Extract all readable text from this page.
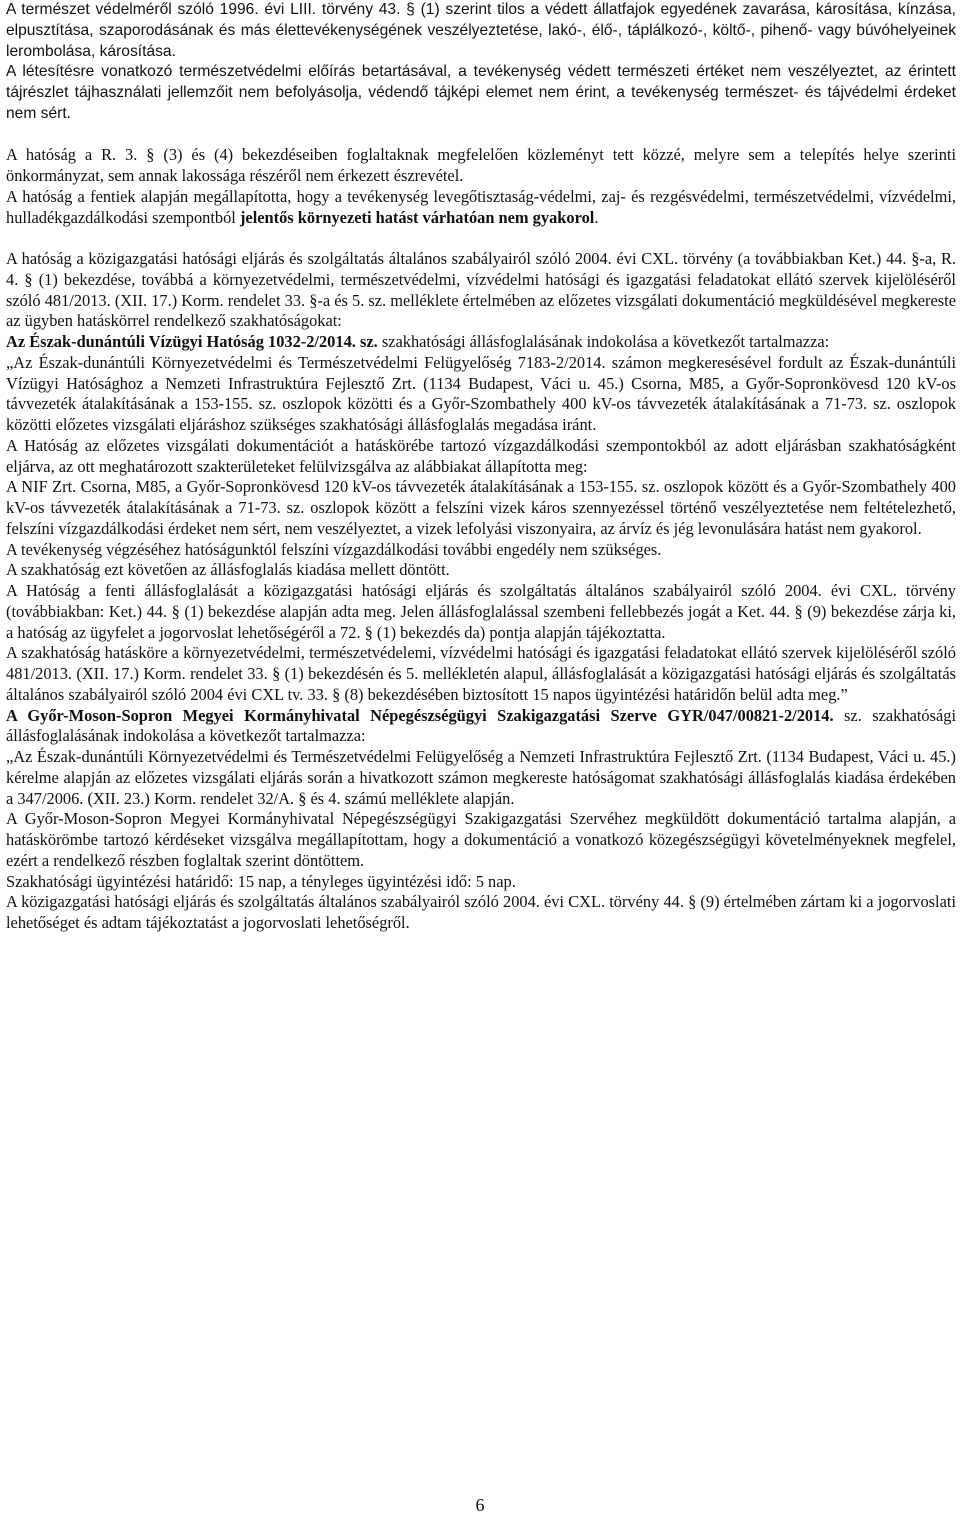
A természet védelméről szóló 1996. évi LIII. törvény 43. § (1) szerint tilos a védett állatfajok egyedének zavarása, károsítása, kínzása, elpusztítása, szaporodásának és más élettevékenységének veszélyeztetése, lakó-, élő-, táplálkozó-, költő-, pihenő- vagy búvóhelyeinek lerombolása, károsítása.

A létesítésre vonatkozó természetvédelmi előírás betartásával, a tevékenység védett természeti értéket nem veszélyeztet, az érintett tájrészlet tájhasználati jellemzőit nem befolyásolja, védendő tájképi elemet nem érint, a tevékenység természet- és tájvédelmi érdeket nem sért.

A hatóság a R. 3. § (3) és (4) bekezdéseiben foglaltaknak megfelelően közleményt tett közzé, melyre sem a telepítés helye szerinti önkormányzat, sem annak lakossága részéről nem érkezett észrevétel.

A hatóság a fentiek alapján megállapította, hogy a tevékenység levegőtisztaság-védelmi, zaj- és rezgésvédelmi, természetvédelmi, vízvédelmi, hulladékgazdálkodási szempontból jelentős környezeti hatást várhatóan nem gyakorol.

A hatóság a közigazgatási hatósági eljárás és szolgáltatás általános szabályairól szóló 2004. évi CXL. törvény (a továbbiakban Ket.) 44. §-a, R. 4. § (1) bekezdése, továbbá a környezetvédelmi, természetvédelmi, vízvédelmi hatósági és igazgatási feladatokat ellátó szervek kijelöléséről szóló 481/2013. (XII. 17.) Korm. rendelet 33. §-a és 5. sz. melléklete értelmében az előzetes vizsgálati dokumentáció megküldésével megkereste az ügyben hatáskörrel rendelkező szakhatóságokat:

Az Észak-dunántúli Vízügyi Hatóság 1032-2/2014. sz. szakhatósági állásfoglalásának indokolása a következőt tartalmazza:

„Az Észak-dunántúli Környezetvédelmi és Természetvédelmi Felügyelőség 7183-2/2014. számon megkeresésével fordult az Észak-dunántúli Vízügyi Hatósághoz a Nemzeti Infrastruktúra Fejlesztő Zrt. (1134 Budapest, Váci u. 45.) Csorna, M85, a Győr-Sopronkövesd 120 kV-os távvezeték átalakításának a 153-155. sz. oszlopok közötti és a Győr-Szombathely 400 kV-os távvezeték átalakításának a 71-73. sz. oszlopok közötti előzetes vizsgálati eljáráshoz szükséges szakhatósági állásfoglalás megadása iránt.

A Hatóság az előzetes vizsgálati dokumentációt a hatáskörébe tartozó vízgazdálkodási szempontokból az adott eljárásban szakhatóságként eljárva, az ott meghatározott szakterületeket felülvizsgálva az alábbiakat állapította meg:

A NIF Zrt. Csorna, M85, a Győr-Sopronkövesd 120 kV-os távvezeték átalakításának a 153-155. sz. oszlopok között és a Győr-Szombathely 400 kV-os távvezeték átalakításának a 71-73. sz. oszlopok között a felszíni vizek káros szennyezéssel történő veszélyeztetése nem feltételezhető, felszíni vízgazdálkodási érdeket nem sért, nem veszélyeztet, a vizek lefolyási viszonyaira, az árvíz és jég levonulására hatást nem gyakorol.

A tevékenység végzéséhez hatóságunktól felszíni vízgazdálkodási további engedély nem szükséges.

A szakhatóság ezt követően az állásfoglalás kiadása mellett döntött.

A Hatóság a fenti állásfoglalását a közigazgatási hatósági eljárás és szolgáltatás általános szabályairól szóló 2004. évi CXL. törvény (továbbiakban: Ket.) 44. § (1) bekezdése alapján adta meg. Jelen állásfoglalással szembeni fellebbezés jogát a Ket. 44. § (9) bekezdése zárja ki, a hatóság az ügyfelet a jogorvoslat lehetőségéről a 72. § (1) bekezdés da) pontja alapján tájékoztatta.

A szakhatóság hatásköre a környezetvédelmi, természetvédelemi, vízvédelmi hatósági és igazgatási feladatokat ellátó szervek kijelöléséről szóló 481/2013. (XII. 17.) Korm. rendelet 33. § (1) bekezdésén és 5. mellékletén alapul, állásfoglalását a közigazgatási hatósági eljárás és szolgáltatás általános szabályairól szóló 2004 évi CXL tv. 33. § (8) bekezdésében biztosított 15 napos ügyintézési határidőn belül adta meg.”

A Győr-Moson-Sopron Megyei Kormányhivatal Népegészségügyi Szakigazgatási Szerve GYR/047/00821-2/2014. sz. szakhatósági állásfoglalásának indokolása a következőt tartalmazza:

„Az Észak-dunántúli Környezetvédelmi és Természetvédelmi Felügyelőség a Nemzeti Infrastruktúra Fejlesztő Zrt. (1134 Budapest, Váci u. 45.) kérelme alapján az előzetes vizsgálati eljárás során a hivatkozott számon megkereste hatóságomat szakhatósági állásfoglalás kiadása érdekében a 347/2006. (XII. 23.) Korm. rendelet 32/A. § és 4. számú melléklete alapján.

A Győr-Moson-Sopron Megyei Kormányhivatal Népegészségügyi Szakigazgatási Szervéhez megküldött dokumentáció tartalma alapján, a hatáskörömbe tartozó kérdéseket vizsgálva megállapítottam, hogy a dokumentáció a vonatkozó közegészségügyi követelményeknek megfelel, ezért a rendelkező részben foglaltak szerint döntöttem.

Szakhatósági ügyintézési határidő: 15 nap, a tényleges ügyintézési idő: 5 nap.

A közigazgatási hatósági eljárás és szolgáltatás általános szabályairól szóló 2004. évi CXL. törvény 44. § (9) értelmében zártam ki a jogorvoslati lehetőséget és adtam tájékoztatást a jogorvoslati lehetőségről.

6
